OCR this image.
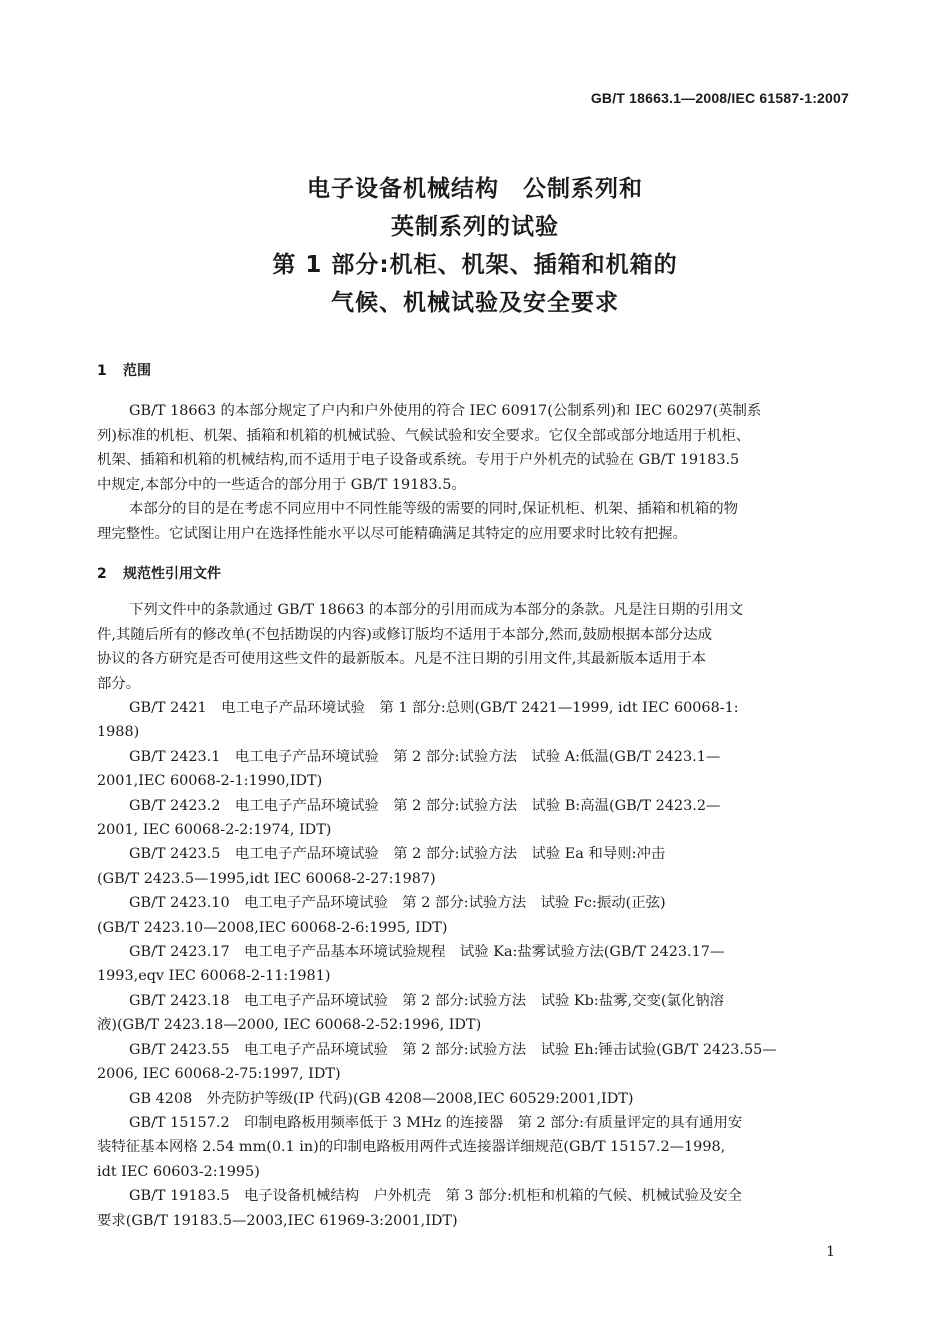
GB/T 18663.1—2008/IEC 61587-1:2007
电子设备机械结构　公制系列和
英制系列的试验
第 1 部分:机柜、机架、插箱和机箱的
气候、机械试验及安全要求
1 范围
GB/T 18663 的本部分规定了户内和户外使用的符合 IEC 60917(公制系列)和 IEC 60297(英制系
列)标准的机柜、机架、插箱和机箱的机械试验、气候试验和安全要求。它仅全部或部分地适用于机柜、
机架、插箱和机箱的机械结构,而不适用于电子设备或系统。专用于户外机壳的试验在 GB/T 19183.5
中规定,本部分中的一些适合的部分用于 GB/T 19183.5。
本部分的目的是在考虑不同应用中不同性能等级的需要的同时,保证机柜、机架、插箱和机箱的物
理完整性。它试图让用户在选择性能水平以尽可能精确满足其特定的应用要求时比较有把握。
2 规范性引用文件
下列文件中的条款通过 GB/T 18663 的本部分的引用而成为本部分的条款。凡是注日期的引用文
件,其随后所有的修改单(不包括勘误的内容)或修订版均不适用于本部分,然而,鼓励根据本部分达成
协议的各方研究是否可使用这些文件的最新版本。凡是不注日期的引用文件,其最新版本适用于本
部分。
GB/T 2421　电工电子产品环境试验　第 1 部分:总则(GB/T 2421—1999, idt IEC 60068-1:
1988)
GB/T 2423.1　电工电子产品环境试验　第 2 部分:试验方法　试验 A:低温(GB/T 2423.1—
2001,IEC 60068-2-1:1990,IDT)
GB/T 2423.2　电工电子产品环境试验　第 2 部分:试验方法　试验 B:高温(GB/T 2423.2—
2001, IEC 60068-2-2:1974, IDT)
GB/T 2423.5　电工电子产品环境试验　第 2 部分:试验方法　试验 Ea 和导则:冲击
(GB/T 2423.5—1995,idt IEC 60068-2-27:1987)
GB/T 2423.10　电工电子产品环境试验　第 2 部分:试验方法　试验 Fc:振动(正弦)
(GB/T 2423.10—2008,IEC 60068-2-6:1995, IDT)
GB/T 2423.17　电工电子产品基本环境试验规程　试验 Ka:盐雾试验方法(GB/T 2423.17—
1993,eqv IEC 60068-2-11:1981)
GB/T 2423.18　电工电子产品环境试验　第 2 部分:试验方法　试验 Kb:盐雾,交变(氯化钠溶
液)(GB/T 2423.18—2000, IEC 60068-2-52:1996, IDT)
GB/T 2423.55　电工电子产品环境试验　第 2 部分:试验方法　试验 Eh:锤击试验(GB/T 2423.55—
2006, IEC 60068-2-75:1997, IDT)
GB 4208　外壳防护等级(IP 代码)(GB 4208—2008,IEC 60529:2001,IDT)
GB/T 15157.2　印制电路板用频率低于 3 MHz 的连接器　第 2 部分:有质量评定的具有通用安
装特征基本网格 2.54 mm(0.1 in)的印制电路板用两件式连接器详细规范(GB/T 15157.2—1998,
idt IEC 60603-2:1995)
GB/T 19183.5　电子设备机械结构　户外机壳　第 3 部分:机柜和机箱的气候、机械试验及安全
要求(GB/T 19183.5—2003,IEC 61969-3:2001,IDT)
1
